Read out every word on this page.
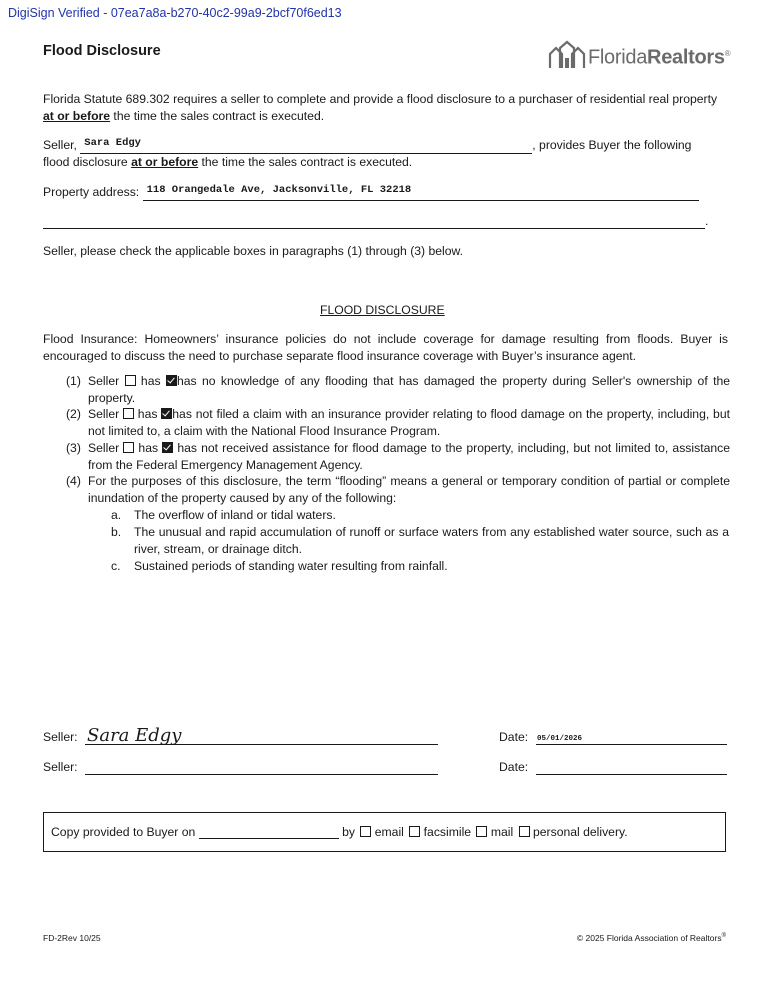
DigiSign Verified - 07ea7a8a-b270-40c2-99a9-2bcf70f6ed13
Flood Disclosure	FloridaRealtors®
Florida Statute 689.302 requires a seller to complete and provide a flood disclosure to a purchaser of residential real property at or before the time the sales contract is executed.
Seller, Sara Edgy	, provides Buyer the following
flood disclosure at or before the time the sales contract is executed.
Property address: 118 Orangedale Ave, Jacksonville, FL 32218
.
Seller, please check the applicable boxes in paragraphs (1) through (3) below.
FLOOD DISCLOSURE
Flood Insurance: Homeowners’ insurance policies do not include coverage for damage resulting from floods. Buyer is encouraged to discuss the need to purchase separate flood insurance coverage with Buyer’s insurance agent.
(1) Seller has has no knowledge of any flooding that has damaged the property during Seller's ownership of the property.
(2) Seller has has not filed a claim with an insurance provider relating to flood damage on the property, including, but not limited to, a claim with the National Flood Insurance Program.
(3) Seller has has not received assistance for flood damage to the property, including, but not limited to, assistance from the Federal Emergency Management Agency.
(4) For the purposes of this disclosure, the term “flooding” means a general or temporary condition of partial or complete inundation of the property caused by any of the following:
a. The overflow of inland or tidal waters.
b. The unusual and rapid accumulation of runoff or surface waters from any established water source, such as a river, stream, or drainage ditch.
c. Sustained periods of standing water resulting from rainfall.
Seller: Sara Edgy	Date: 05/01/2026
Seller:	Date:
Copy provided to Buyer on	by email facsimile mail personal delivery.
FD-2Rev 10/25	© 2025 Florida Association of Realtors®
